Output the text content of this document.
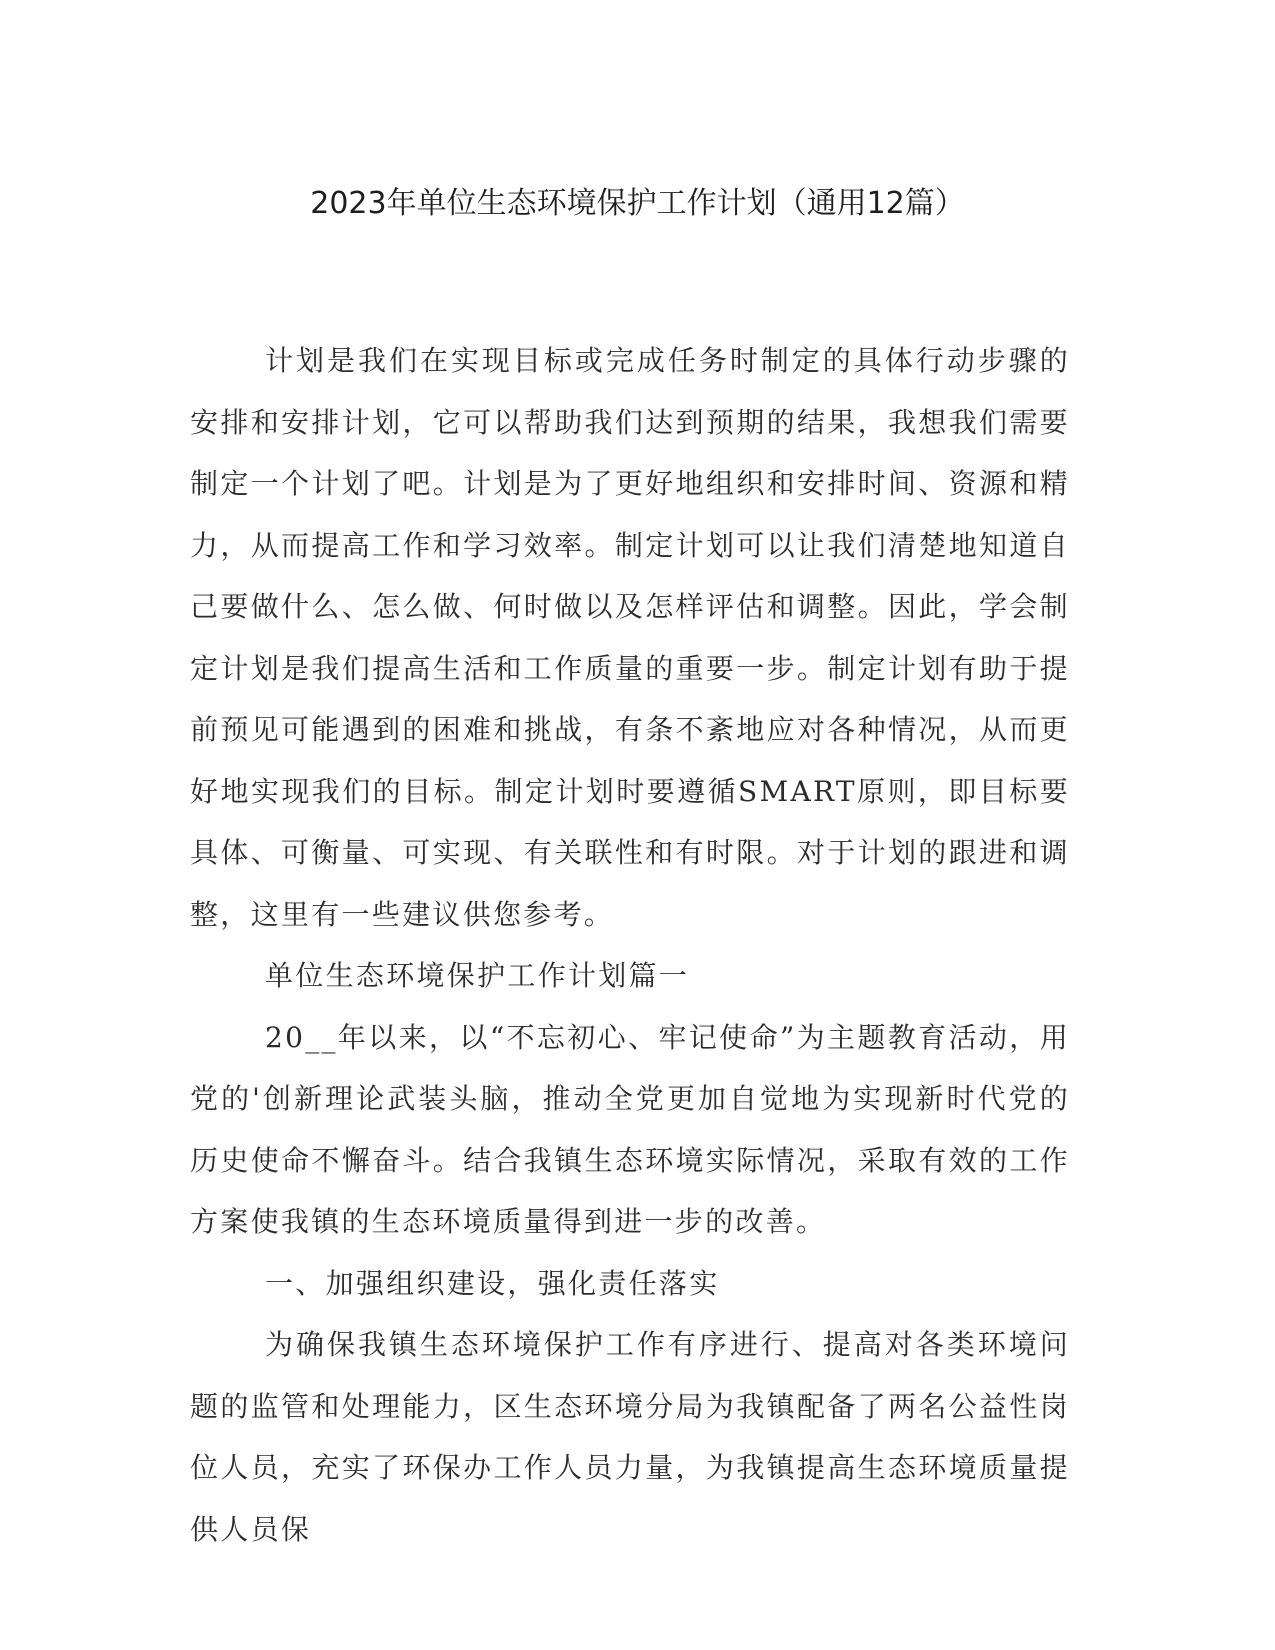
2023年单位生态环境保护工作计划（通用12篇）

计划是我们在实现目标或完成任务时制定的具体行动步骤的安排和安排计划，它可以帮助我们达到预期的结果，我想我们需要制定一个计划了吧。计划是为了更好地组织和安排时间、资源和精力，从而提高工作和学习效率。制定计划可以让我们清楚地知道自己要做什么、怎么做、何时做以及怎样评估和调整。因此，学会制定计划是我们提高生活和工作质量的重要一步。制定计划有助于提前预见可能遇到的困难和挑战，有条不紊地应对各种情况，从而更好地实现我们的目标。制定计划时要遵循SMART原则，即目标要具体、可衡量、可实现、有关联性和有时限。对于计划的跟进和调整，这里有一些建议供您参考。

单位生态环境保护工作计划篇一

20__年以来，以“不忘初心、牢记使命”为主题教育活动，用党的'创新理论武装头脑，推动全党更加自觉地为实现新时代党的历史使命不懈奋斗。结合我镇生态环境实际情况，采取有效的工作方案使我镇的生态环境质量得到进一步的改善。

一、加强组织建设，强化责任落实

为确保我镇生态环境保护工作有序进行、提高对各类环境问题的监管和处理能力，区生态环境分局为我镇配备了两名公益性岗位人员，充实了环保办工作人员力量，为我镇提高生态环境质量提供人员保
